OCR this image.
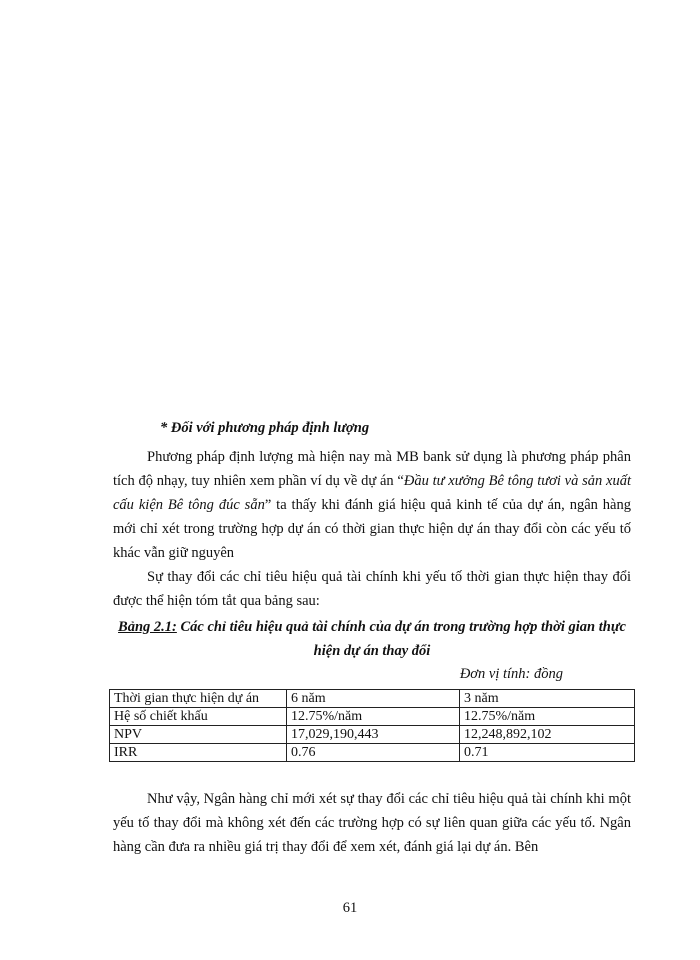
* Đối với phương pháp định lượng

Phương pháp định lượng mà hiện nay mà MB bank sử dụng là phương pháp phân tích độ nhạy, tuy nhiên xem phần ví dụ về dự án “Đầu tư xưởng Bê tông tươi và sản xuất cấu kiện Bê tông đúc sẵn” ta thấy khi đánh giá hiệu quả kinh tế của dự án, ngân hàng mới chỉ xét trong trường hợp dự án có thời gian thực hiện dự án thay đổi còn các yếu tố khác vẫn giữ nguyên

Sự thay đổi các chỉ tiêu hiệu quả tài chính khi yếu tố thời gian thực hiện thay đổi được thể hiện tóm tắt qua bảng sau:

Bảng 2.1: Các chỉ tiêu hiệu quả tài chính của dự án trong trường hợp thời gian thực hiện dự án thay đổi
Đơn vị tính: đồng
Thời gian thực hiện dự án	6 năm	3 năm
Hệ số chiết khấu	12.75%/năm	12.75%/năm
NPV	17,029,190,443	12,248,892,102
IRR	0.76	0.71

Như vậy, Ngân hàng chỉ mới xét sự thay đổi các chỉ tiêu hiệu quả tài chính khi một yếu tố thay đổi mà không xét đến các trường hợp có sự liên quan giữa các yếu tố. Ngân hàng cần đưa ra nhiều giá trị thay đổi để xem xét, đánh giá lại dự án. Bên

61
